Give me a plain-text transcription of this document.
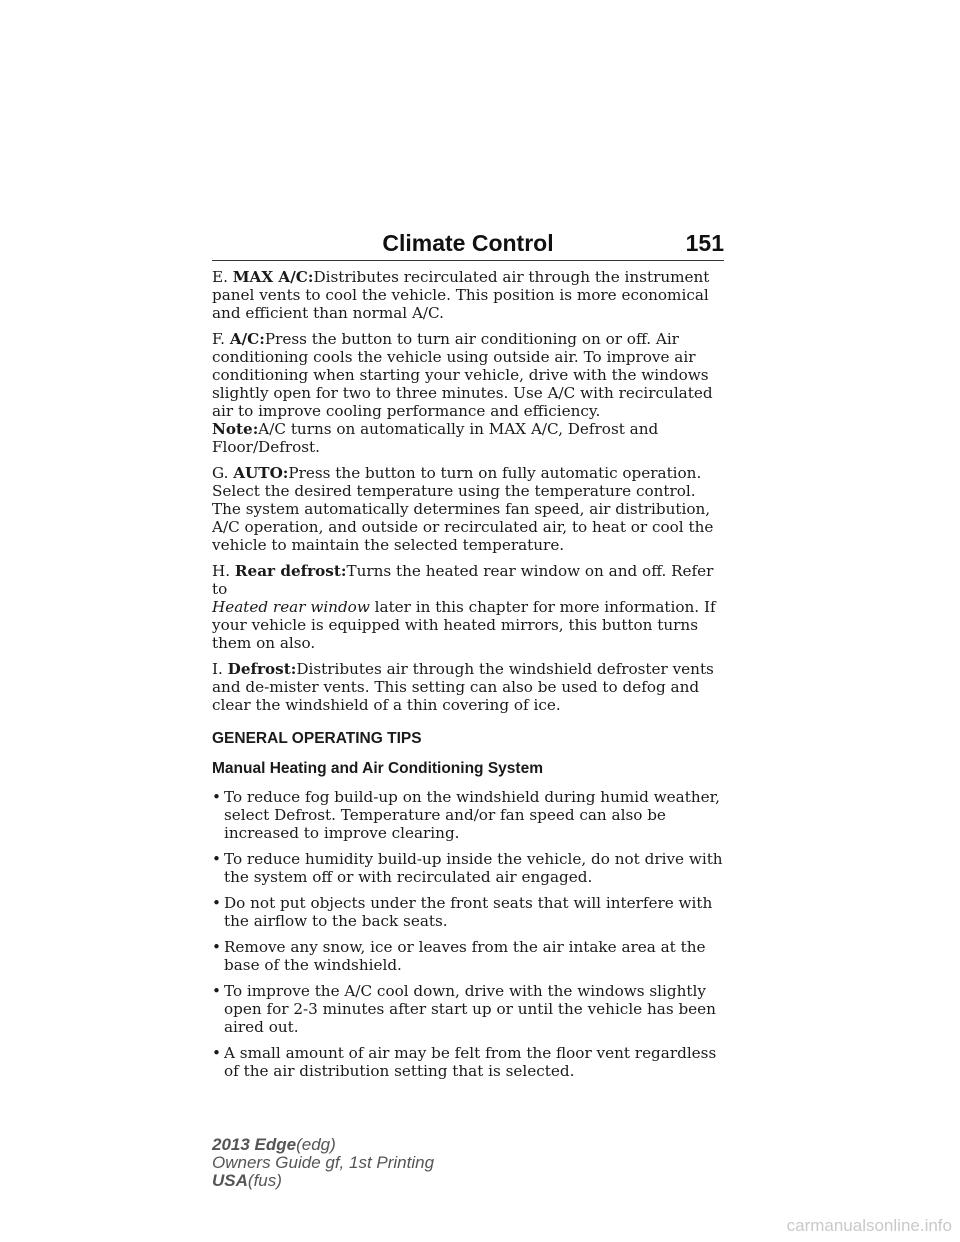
Climate Control	151

E. MAX A/C:Distributes recirculated air through the instrument panel vents to cool the vehicle. This position is more economical and efficient than normal A/C.

F. A/C:Press the button to turn air conditioning on or off. Air conditioning cools the vehicle using outside air. To improve air conditioning when starting your vehicle, drive with the windows slightly open for two to three minutes. Use A/C with recirculated air to improve cooling performance and efficiency.

Note:A/C turns on automatically in MAX A/C, Defrost and Floor/Defrost.

G. AUTO:Press the button to turn on fully automatic operation. Select the desired temperature using the temperature control. The system automatically determines fan speed, air distribution, A/C operation, and outside or recirculated air, to heat or cool the vehicle to maintain the selected temperature.

H. Rear defrost:Turns the heated rear window on and off. Refer to
Heated rear window later in this chapter for more information. If your vehicle is equipped with heated mirrors, this button turns them on also.

I. Defrost:Distributes air through the windshield defroster vents and de-mister vents. This setting can also be used to defog and clear the windshield of a thin covering of ice.

GENERAL OPERATING TIPS
Manual Heating and Air Conditioning System
• To reduce fog build-up on the windshield during humid weather, select Defrost. Temperature and/or fan speed can also be increased to improve clearing.
• To reduce humidity build-up inside the vehicle, do not drive with the system off or with recirculated air engaged.
• Do not put objects under the front seats that will interfere with the airflow to the back seats.
• Remove any snow, ice or leaves from the air intake area at the base of the windshield.
• To improve the A/C cool down, drive with the windows slightly open for 2-3 minutes after start up or until the vehicle has been aired out.
• A small amount of air may be felt from the floor vent regardless of the air distribution setting that is selected.
2013 Edge(edg)
Owners Guide gf, 1st Printing
USA(fus)
carmanualsonline.info
